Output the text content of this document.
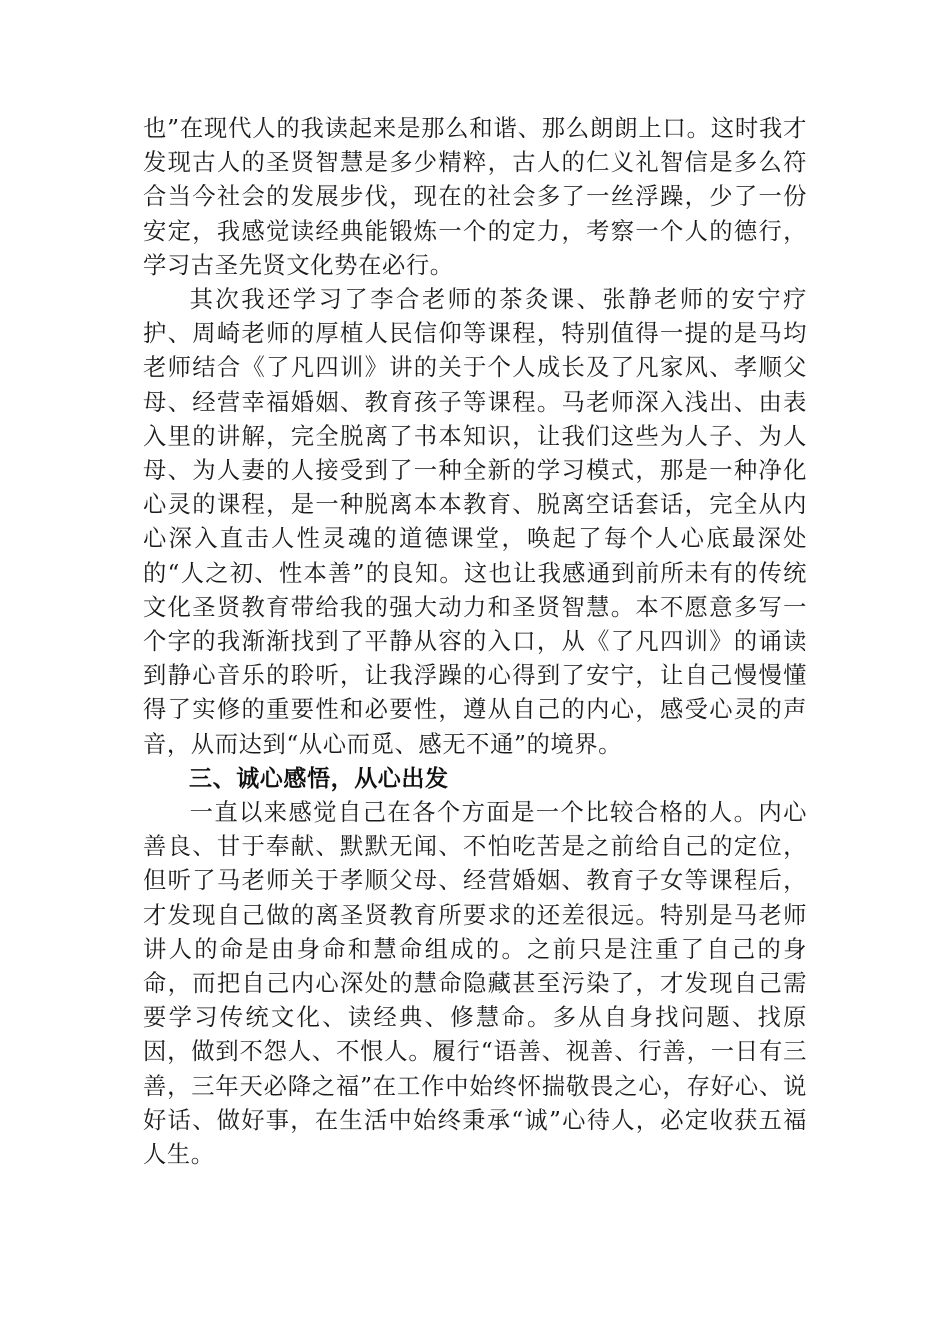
也”在现代人的我读起来是那么和谐、那么朗朗上口。这时我才发现古人的圣贤智慧是多少精粹，古人的仁义礼智信是多么符合当今社会的发展步伐，现在的社会多了一丝浮躁，少了一份安定，我感觉读经典能锻炼一个的定力，考察一个人的德行，学习古圣先贤文化势在必行。

其次我还学习了李合老师的茶灸课、张静老师的安宁疗护、周崎老师的厚植人民信仰等课程，特别值得一提的是马均老师结合《了凡四训》讲的关于个人成长及了凡家风、孝顺父母、经营幸福婚姻、教育孩子等课程。马老师深入浅出、由表入里的讲解，完全脱离了书本知识，让我们这些为人子、为人母、为人妻的人接受到了一种全新的学习模式，那是一种净化心灵的课程，是一种脱离本本教育、脱离空话套话，完全从内心深入直击人性灵魂的道德课堂，唤起了每个人心底最深处的“人之初、性本善”的良知。这也让我感通到前所未有的传统文化圣贤教育带给我的强大动力和圣贤智慧。本不愿意多写一个字的我渐渐找到了平静从容的入口，从《了凡四训》的诵读到静心音乐的聆听，让我浮躁的心得到了安宁，让自己慢慢懂得了实修的重要性和必要性，遵从自己的内心，感受心灵的声音，从而达到“从心而觅、感无不通”的境界。

三、诚心感悟，从心出发

一直以来感觉自己在各个方面是一个比较合格的人。内心善良、甘于奉献、默默无闻、不怕吃苦是之前给自己的定位，但听了马老师关于孝顺父母、经营婚姻、教育子女等课程后，才发现自己做的离圣贤教育所要求的还差很远。特别是马老师讲人的命是由身命和慧命组成的。之前只是注重了自己的身命，而把自己内心深处的慧命隐藏甚至污染了，才发现自己需要学习传统文化、读经典、修慧命。多从自身找问题、找原因，做到不怨人、不恨人。履行“语善、视善、行善，一日有三善，三年天必降之福”在工作中始终怀揣敬畏之心，存好心、说好话、做好事，在生活中始终秉承“诚”心待人，必定收获五福人生。
